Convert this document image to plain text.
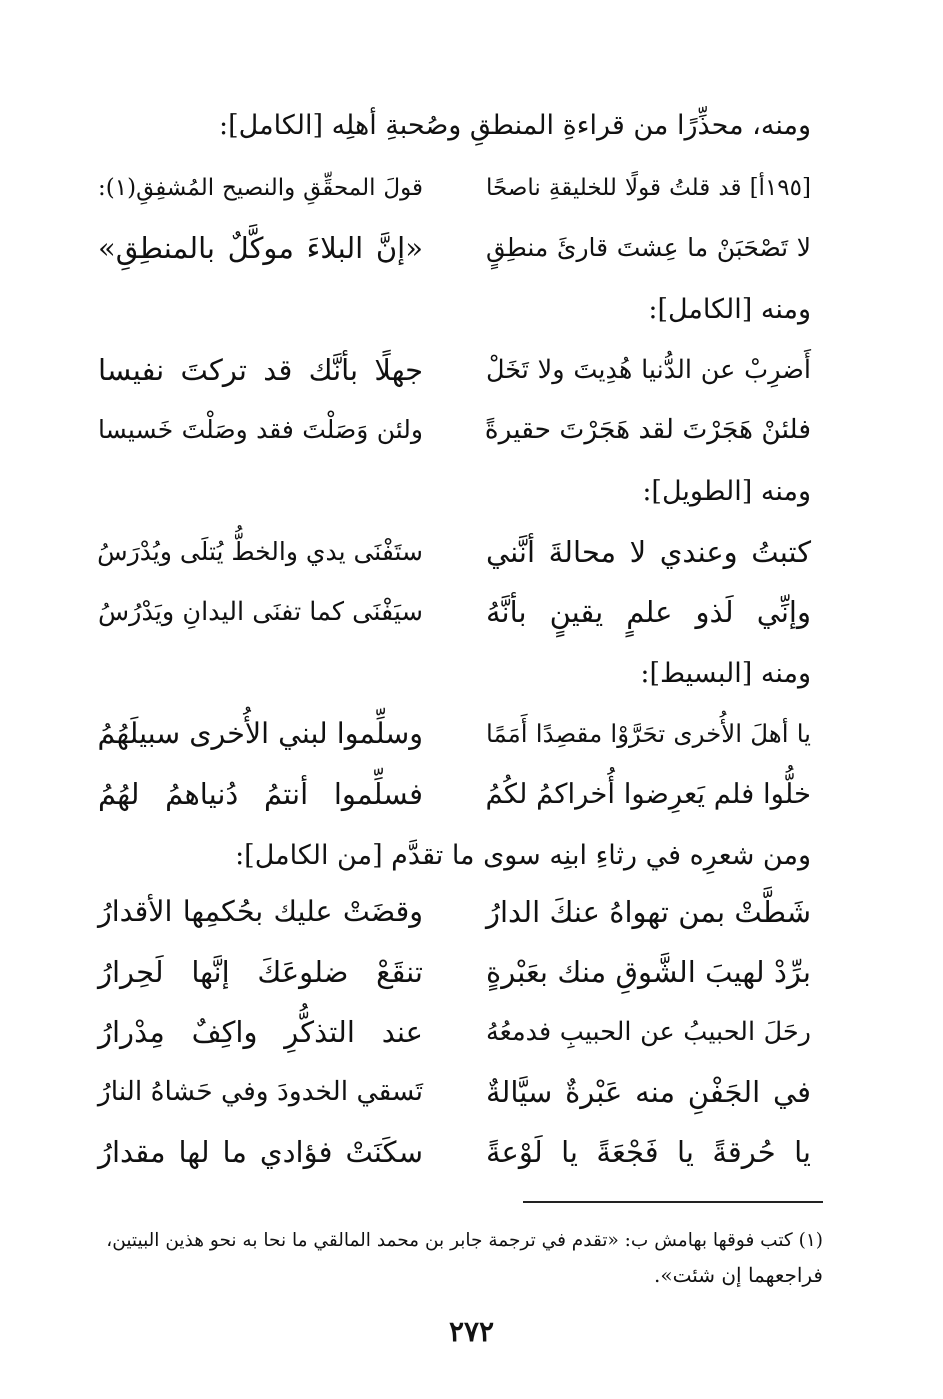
ومنه، محذِّرًا من قراءةِ المنطقِ وصُحبةِ أهلِه [الكامل]:
[١٩٥أ] قد قلتُ قولًا للخليقةِ ناصحًا
قولَ المحقِّقِ والنصيح المُشفِقِ(١):
لا تَصْحَبَنْ ما عِشتَ قارئَ منطِقٍ
«إنَّ البلاءَ موكَّلٌ بالمنطِقِ»
ومنه [الكامل]:
أَضرِبْ عن الدُّنيا هُدِيتَ ولا تَخَلْ
جهلًا بأنَّك قد تركتَ نفيسا
فلئنْ هَجَرْتَ لقد هَجَرْتَ حقيرةً
ولئن وَصَلْتَ فقد وصَلْتَ خَسيسا
ومنه [الطويل]:
كتبتُ وعندي لا محالةَ أنَّني
ستَفْنَى يدي والخطُّ يُتلَى ويُدْرَسُ
وإنِّي لَذو علمٍ يقينٍ بأنَّهُ
سيَفْنَى كما تفنَى اليدانِ ويَدْرُسُ
ومنه [البسيط]:
يا أهلَ الأُخرى تحَرَّوْا مقصِدًا أَمَمًا
وسلِّموا لبني الأُخرى سبيلَهُمُ
خلُّوا فلم يَعرِضوا أُخراكمُ لكُمُ
فسلِّموا أنتمُ دُنياهمُ لهُمُ
ومن شعرِه في رثاءِ ابنِه سوى ما تقدَّم [من الكامل]:
شَطَّتْ بمن تهواهُ عنكَ الدارُ
وقضَتْ عليك بحُكمِها الأقدارُ
برِّدْ لهيبَ الشَّوقِ منك بعَبْرةٍ
تنقَعْ ضلوعَكَ إنَّها لَحِرارُ
رحَلَ الحبيبُ عن الحبيبِ فدمعُهُ
عند التذكُّرِ واكِفٌ مِدْرارُ
في الجَفْنِ منه عَبْرةٌ سيَّالةٌ
تَسقي الخدودَ وفي حَشاهُ النارُ
يا حُرقةً يا فَجْعَةً يا لَوْعةً
سكَنَتْ فؤادي ما لها مقدارُ
(١) كتب فوقها بهامش ب: «تقدم في ترجمة جابر بن محمد المالقي ما نحا به نحو هذين البيتين،
فراجعهما إن شئت».
٢٧٢
